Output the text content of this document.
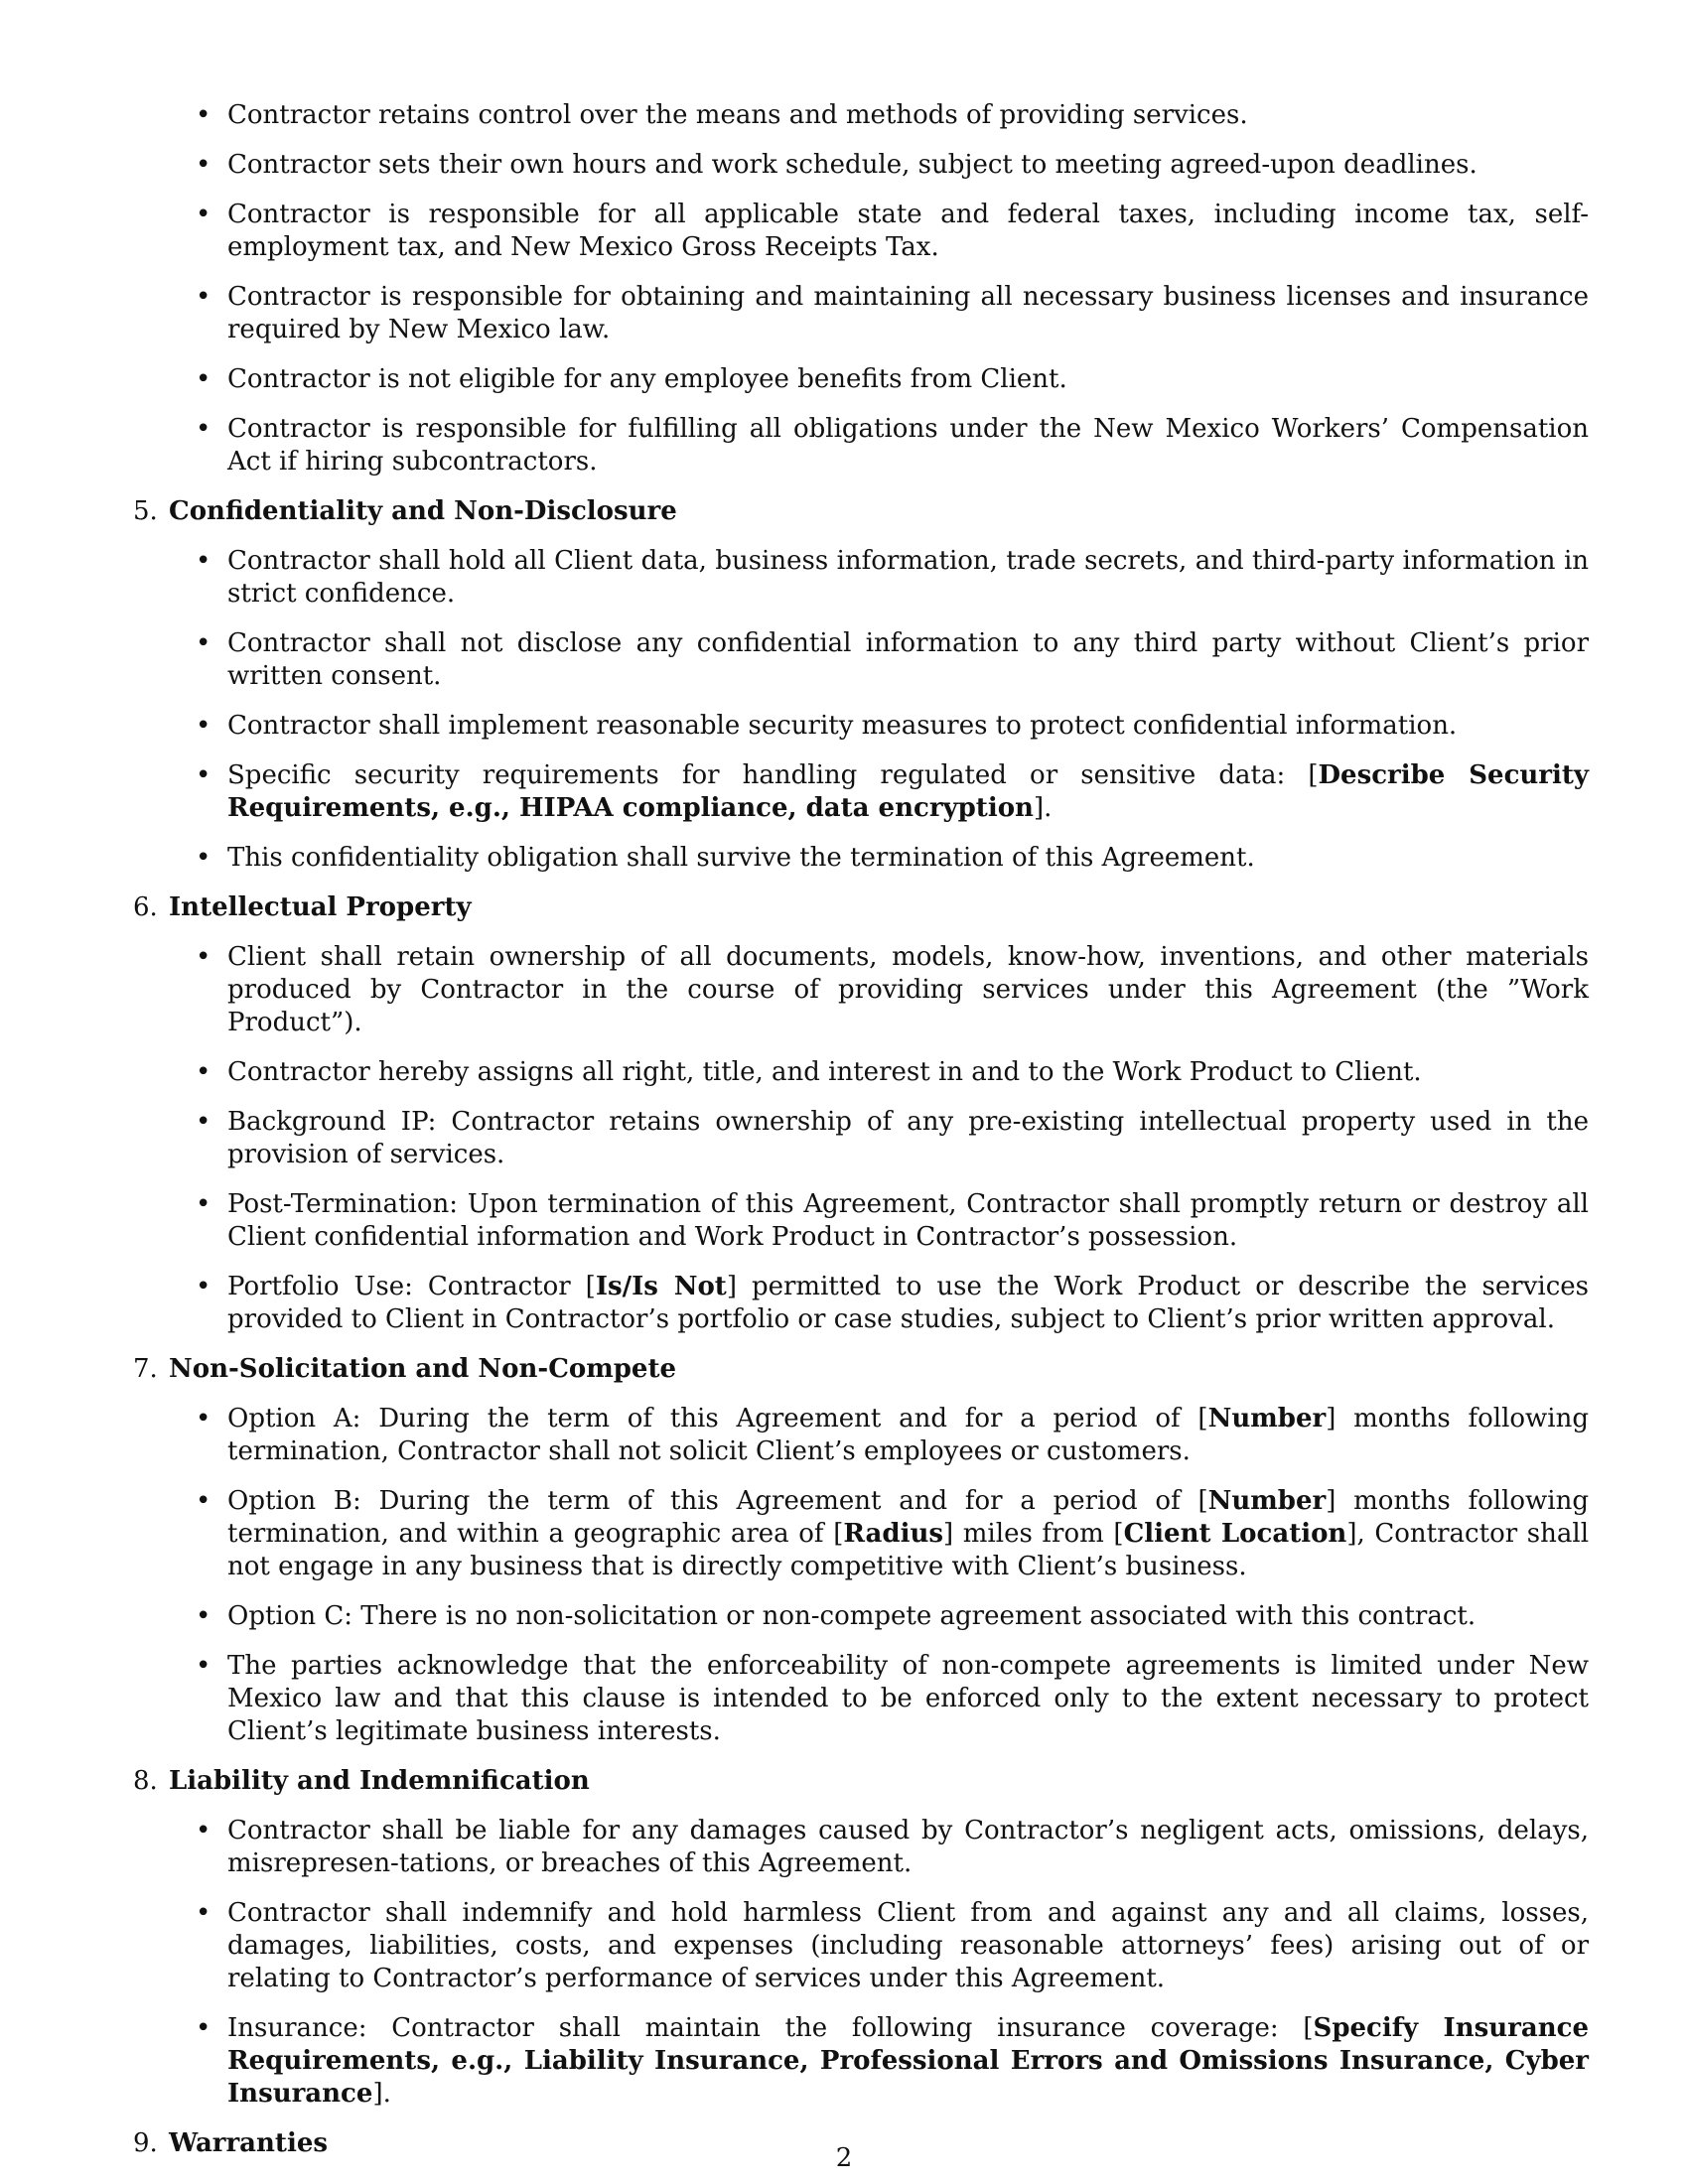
• Contractor retains control over the means and methods of providing services.
• Contractor sets their own hours and work schedule, subject to meeting agreed-upon deadlines.
• Contractor is responsible for all applicable state and federal taxes, including income tax, self-employment tax, and New Mexico Gross Receipts Tax.
• Contractor is responsible for obtaining and maintaining all necessary business licenses and insurance required by New Mexico law.
• Contractor is not eligible for any employee benefits from Client.
• Contractor is responsible for fulfilling all obligations under the New Mexico Workers’ Compensation Act if hiring subcontractors.
5. Confidentiality and Non-Disclosure
• Contractor shall hold all Client data, business information, trade secrets, and third-party information in strict confidence.
• Contractor shall not disclose any confidential information to any third party without Client’s prior written consent.
• Contractor shall implement reasonable security measures to protect confidential information.
• Specific security requirements for handling regulated or sensitive data: [Describe Security Requirements, e.g., HIPAA compliance, data encryption].
• This confidentiality obligation shall survive the termination of this Agreement.
6. Intellectual Property
• Client shall retain ownership of all documents, models, know-how, inventions, and other materials produced by Contractor in the course of providing services under this Agreement (the ”Work Product”).
• Contractor hereby assigns all right, title, and interest in and to the Work Product to Client.
• Background IP: Contractor retains ownership of any pre-existing intellectual property used in the provision of services.
• Post-Termination: Upon termination of this Agreement, Contractor shall promptly return or destroy all Client confidential information and Work Product in Contractor’s possession.
• Portfolio Use: Contractor [Is/Is Not] permitted to use the Work Product or describe the services provided to Client in Contractor’s portfolio or case studies, subject to Client’s prior written approval.
7. Non-Solicitation and Non-Compete
• Option A: During the term of this Agreement and for a period of [Number] months following termination, Contractor shall not solicit Client’s employees or customers.
• Option B: During the term of this Agreement and for a period of [Number] months following termination, and within a geographic area of [Radius] miles from [Client Location], Contractor shall not engage in any business that is directly competitive with Client’s business.
• Option C: There is no non-solicitation or non-compete agreement associated with this contract.
• The parties acknowledge that the enforceability of non-compete agreements is limited under New Mexico law and that this clause is intended to be enforced only to the extent necessary to protect Client’s legitimate business interests.
8. Liability and Indemnification
• Contractor shall be liable for any damages caused by Contractor’s negligent acts, omissions, delays, misrepresen-tations, or breaches of this Agreement.
• Contractor shall indemnify and hold harmless Client from and against any and all claims, losses, damages, liabilities, costs, and expenses (including reasonable attorneys’ fees) arising out of or relating to Contractor’s performance of services under this Agreement.
• Insurance: Contractor shall maintain the following insurance coverage: [Specify Insurance Requirements, e.g., Liability Insurance, Professional Errors and Omissions Insurance, Cyber Insurance].
9. Warranties	2
